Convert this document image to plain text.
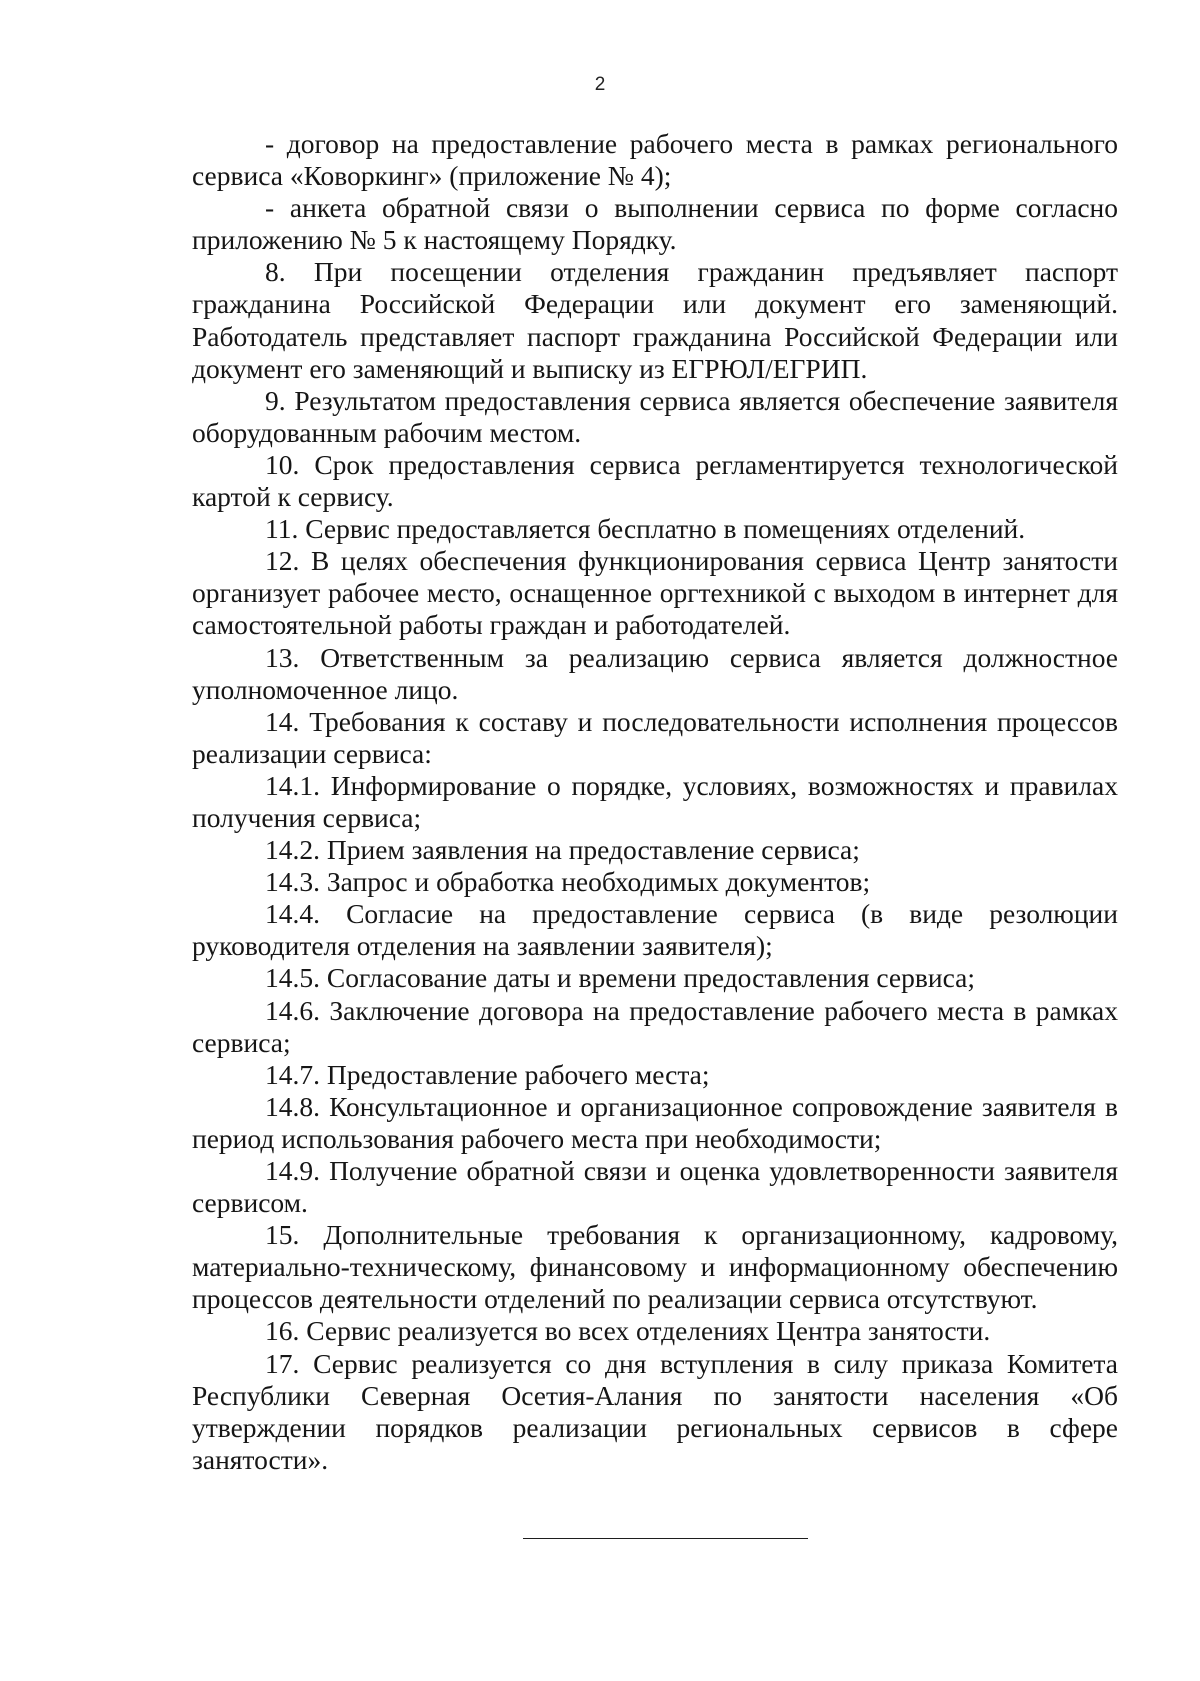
2

- договор на предоставление рабочего места в рамках регионального сервиса «Коворкинг» (приложение № 4);

- анкета обратной связи о выполнении сервиса по форме согласно приложению № 5 к настоящему Порядку.

8. При посещении отделения гражданин предъявляет паспорт гражданина Российской Федерации или документ его заменяющий. Работодатель представляет паспорт гражданина Российской Федерации или документ его заменяющий и выписку из ЕГРЮЛ/ЕГРИП.

9. Результатом предоставления сервиса является обеспечение заявителя оборудованным рабочим местом.

10. Срок предоставления сервиса регламентируется технологической картой к сервису.

11. Сервис предоставляется бесплатно в помещениях отделений.

12. В целях обеспечения функционирования сервиса Центр занятости организует рабочее место, оснащенное оргтехникой с выходом в интернет для самостоятельной работы граждан и работодателей.

13. Ответственным за реализацию сервиса является должностное уполномоченное лицо.

14. Требования к составу и последовательности исполнения процессов реализации сервиса:

14.1. Информирование о порядке, условиях, возможностях и правилах получения сервиса;

14.2. Прием заявления на предоставление сервиса;

14.3. Запрос и обработка необходимых документов;

14.4. Согласие на предоставление сервиса (в виде резолюции руководителя отделения на заявлении заявителя);

14.5. Согласование даты и времени предоставления сервиса;

14.6. Заключение договора на предоставление рабочего места в рамках сервиса;

14.7. Предоставление рабочего места;

14.8. Консультационное и организационное сопровождение заявителя в период использования рабочего места при необходимости;

14.9. Получение обратной связи и оценка удовлетворенности заявителя сервисом.

15. Дополнительные требования к организационному, кадровому, материально-техническому, финансовому и информационному обеспечению процессов деятельности отделений по реализации сервиса отсутствуют.

16. Сервис реализуется во всех отделениях Центра занятости.

17. Сервис реализуется со дня вступления в силу приказа Комитета Республики Северная Осетия-Алания по занятости населения «Об утверждении порядков реализации региональных сервисов в сфере занятости».
